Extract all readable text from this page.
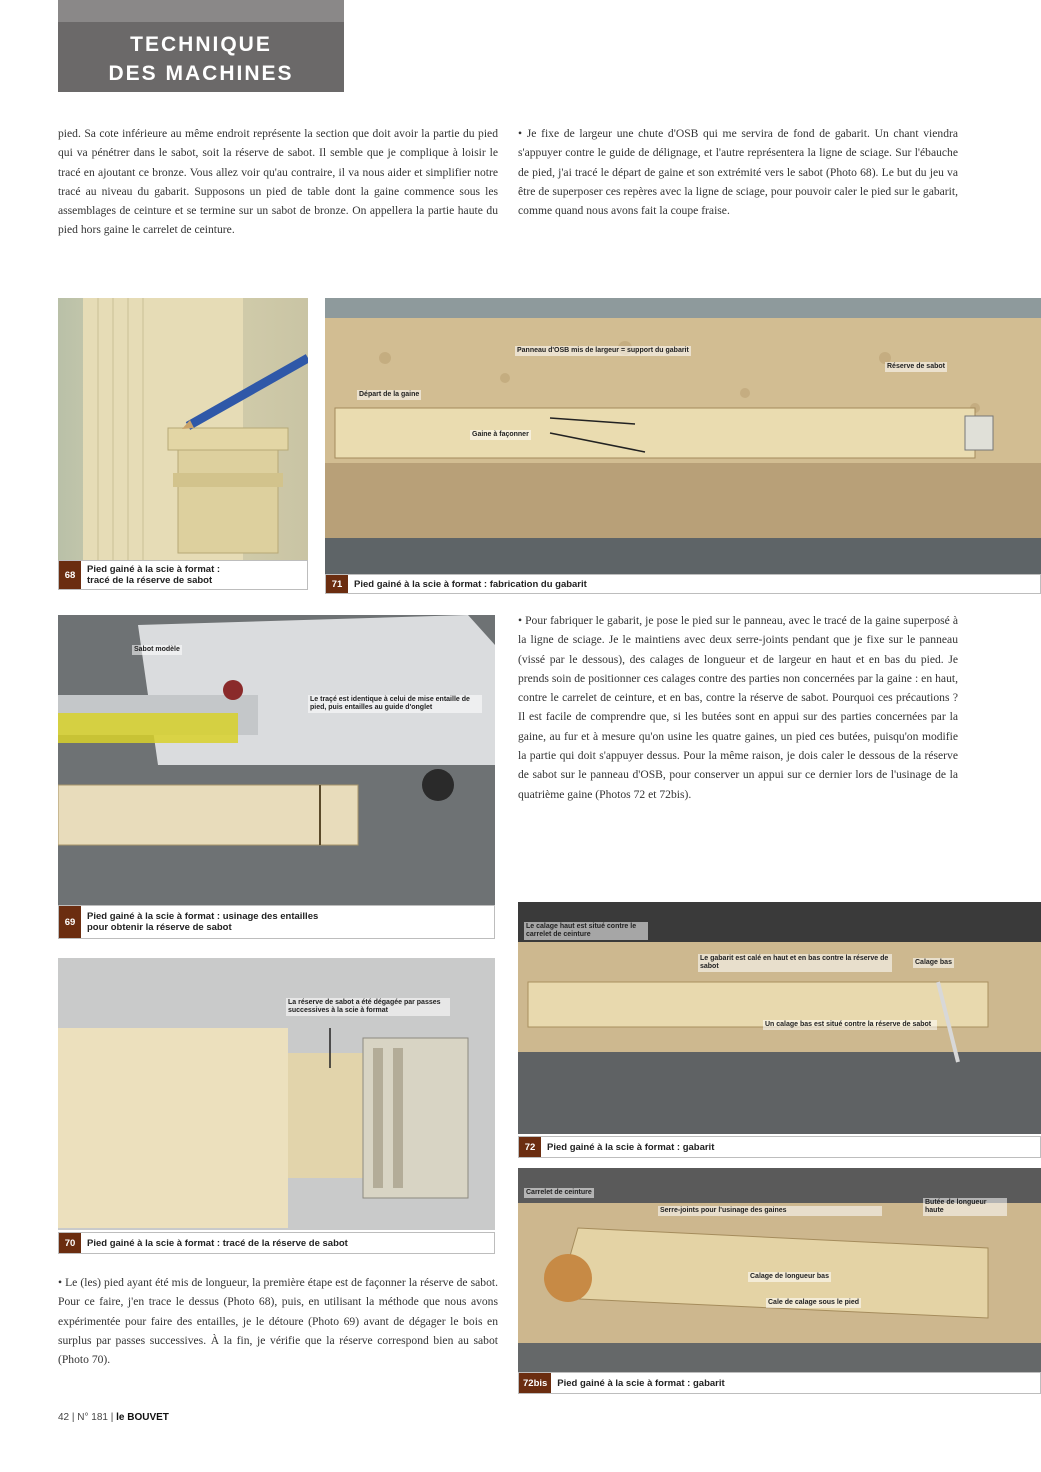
TECHNIQUE
DES MACHINES
pied. Sa cote inférieure au même endroit représente la section que doit avoir la partie du pied qui va pénétrer dans le sabot, soit la réserve de sabot. Il semble que je complique à loisir le tracé en ajoutant ce bronze. Vous allez voir qu'au contraire, il va nous aider et simplifier notre tracé au niveau du gabarit. Supposons un pied de table dont la gaine commence sous les assemblages de ceinture et se termine sur un sabot de bronze. On appellera la partie haute du pied hors gaine le carrelet de ceinture.
• Je fixe de largeur une chute d'OSB qui me servira de fond de gabarit. Un chant viendra s'appuyer contre le guide de délignage, et l'autre représentera la ligne de sciage. Sur l'ébauche de pied, j'ai tracé le départ de gaine et son extrémité vers le sabot (Photo 68). Le but du jeu va être de superposer ces repères avec la ligne de sciage, pour pouvoir caler le pied sur le gabarit, comme quand nous avons fait la coupe fraise.
68	Pied gainé à la scie à format :
tracé de la réserve de sabot
Panneau d'OSB mis de largeur = support du gabarit
Départ de la gaine
Gaine à façonner
Réserve de sabot
71	Pied gainé à la scie à format : fabrication du gabarit
Sabot modèle
Le traçé est identique à celui de mise entaille de pied, puis entailles au guide d'onglet
69	Pied gainé à la scie à format : usinage des entailles
pour obtenir la réserve de sabot
• Pour fabriquer le gabarit, je pose le pied sur le panneau, avec le tracé de la gaine superposé à la ligne de sciage. Je le maintiens avec deux serre-joints pendant que je fixe sur le panneau (vissé par le dessous), des calages de longueur et de largeur en haut et en bas du pied. Je prends soin de positionner ces calages contre des parties non concernées par la gaine : en haut, contre le carrelet de ceinture, et en bas, contre la réserve de sabot. Pourquoi ces précautions ? Il est facile de comprendre que, si les butées sont en appui sur des parties concernées par la gaine, au fur et à mesure qu'on usine les quatre gaines, un pied ces butées, puisqu'on modifie la partie qui doit s'appuyer dessus. Pour la même raison, je dois caler le dessous de la réserve de sabot sur le panneau d'OSB, pour conserver un appui sur ce dernier lors de l'usinage de la quatrième gaine (Photos 72 et 72bis).
La réserve de sabot a été dégagée par passes successives à la scie à format
70	Pied gainé à la scie à format : tracé de la réserve de sabot
• Le (les) pied ayant été mis de longueur, la première étape est de façonner la réserve de sabot. Pour ce faire, j'en trace le dessus (Photo 68), puis, en utilisant la méthode que nous avons expérimentée pour faire des entailles, je le détoure (Photo 69) avant de dégager le bois en surplus par passes successives. À la fin, je vérifie que la réserve correspond bien au sabot (Photo 70).
Le calage haut est situé contre le carrelet de ceinture
Le gabarit est calé en haut et en bas contre la réserve de sabot
Calage bas
Un calage bas est situé contre la réserve de sabot
72	Pied gainé à la scie à format : gabarit
Carrelet de ceinture
Serre-joints pour l'usinage des gaines
Butée de longueur haute
Calage de longueur bas
Cale de calage sous le pied
72bis	Pied gainé à la scie à format : gabarit
42 | N° 181 | le BOUVET
